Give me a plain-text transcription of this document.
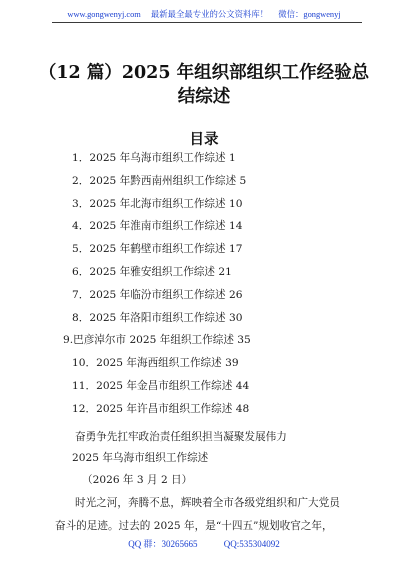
www.gongwenyj.com 最新最全最专业的公文资料库！ 微信：gongwenyj
（12 篇）2025 年组织部组织工作经验总
结综述
目录
1．2025 年乌海市组织工作综述 1
2．2025 年黔西南州组织工作综述 5
3．2025 年北海市组织工作综述 10
4．2025 年淮南市组织工作综述 14
5．2025 年鹤壁市组织工作综述 17
6．2025 年雅安组织工作综述 21
7．2025 年临汾市组织工作综述 26
8．2025 年洛阳市组织工作综述 30
9.巴彦淖尔市 2025 年组织工作综述 35
10．2025 年海西组织工作综述 39
11．2025 年金昌市组织工作综述 44
12．2025 年许昌市组织工作综述 48
奋勇争先扛牢政治责任组织担当凝聚发展伟力
2025 年乌海市组织工作综述
（2026 年 3 月 2 日）
时光之河，奔腾不息，辉映着全市各级党组织和广大党员
奋斗的足迹。过去的 2025 年，是“十四五”规划收官之年，
QQ 群：30265665	QQ:535304092
